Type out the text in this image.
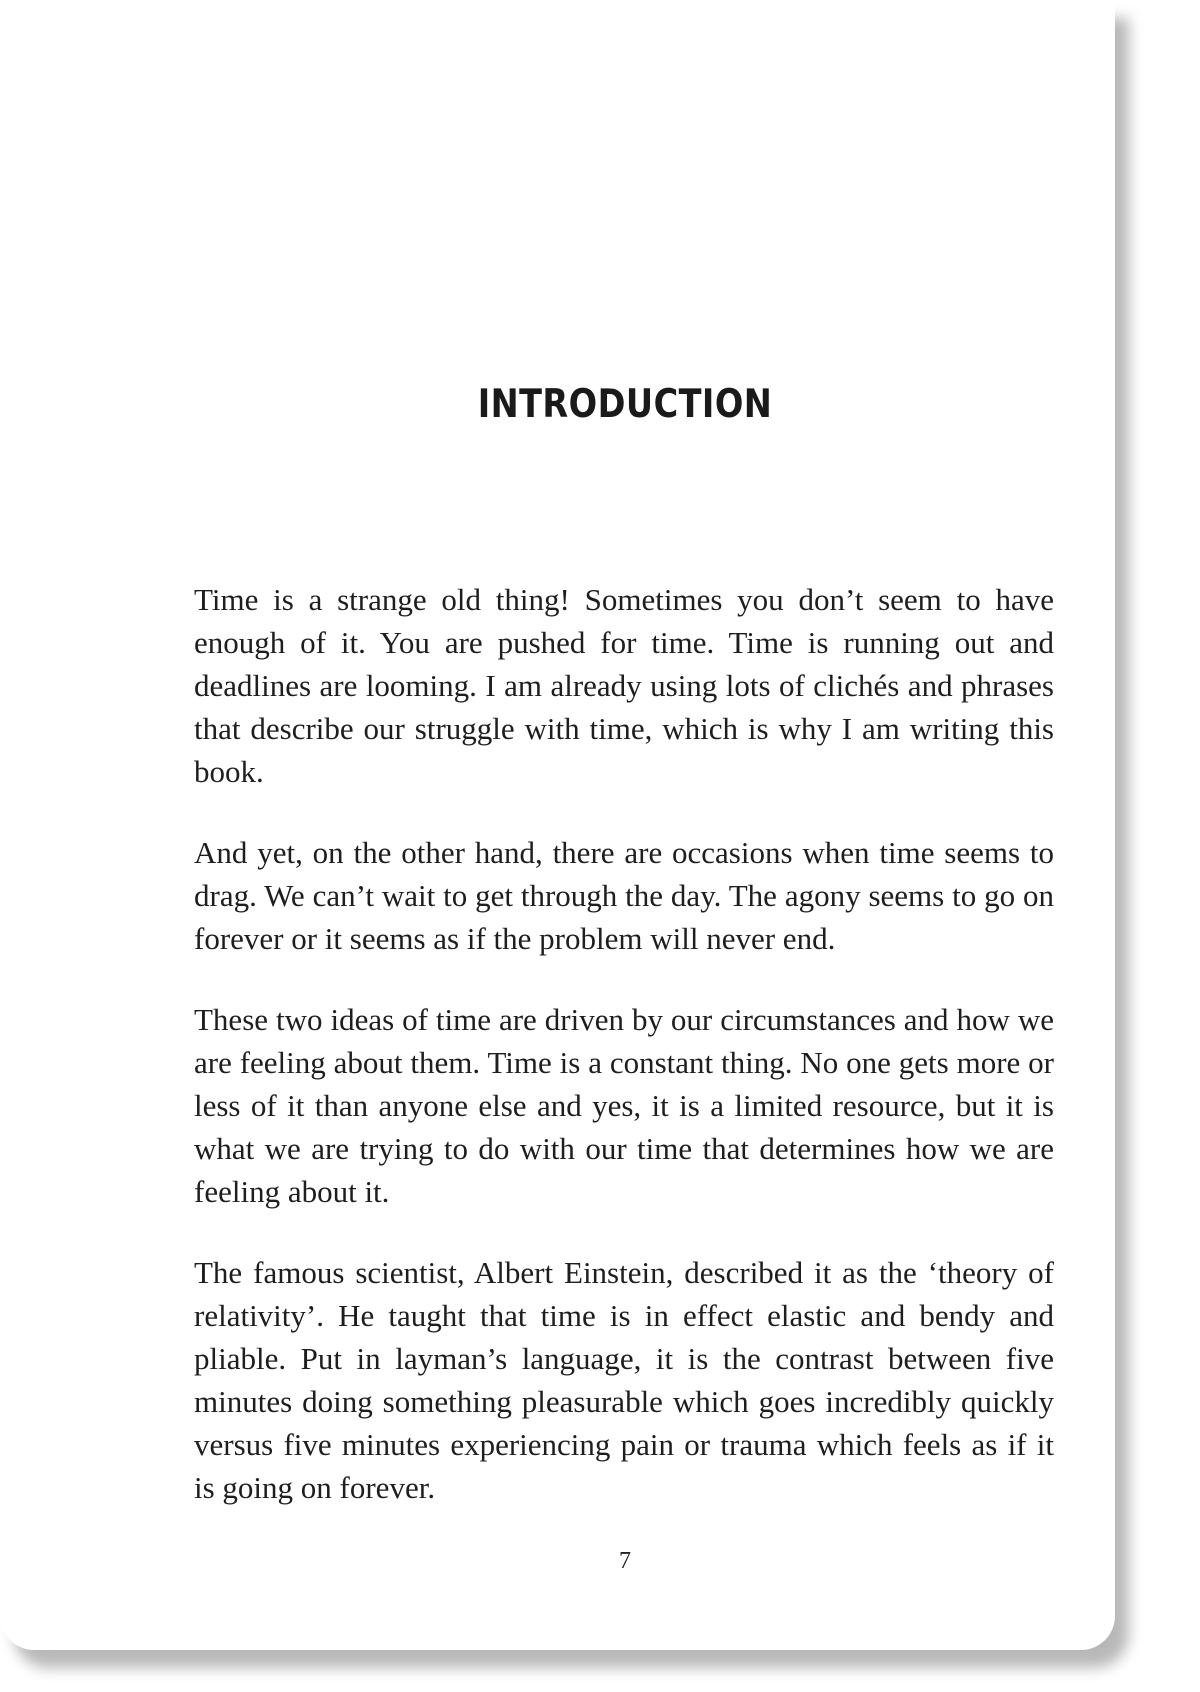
INTRODUCTION

Time is a strange old thing! Sometimes you don’t seem to have enough of it. You are pushed for time. Time is running out and deadlines are looming. I am already using lots of clichés and phrases that describe our struggle with time, which is why I am writing this book.

And yet, on the other hand, there are occasions when time seems to drag. We can’t wait to get through the day. The agony seems to go on forever or it seems as if the problem will never end.

These two ideas of time are driven by our circumstances and how we are feeling about them. Time is a constant thing. No one gets more or less of it than anyone else and yes, it is a limited resource, but it is what we are trying to do with our time that determines how we are feeling about it.

The famous scientist, Albert Einstein, described it as the ‘theory of relativity’. He taught that time is in effect elastic and bendy and pliable. Put in layman’s language, it is the contrast between five minutes doing something pleasurable which goes incredibly quickly versus five minutes experiencing pain or trauma which feels as if it is going on forever.

7
